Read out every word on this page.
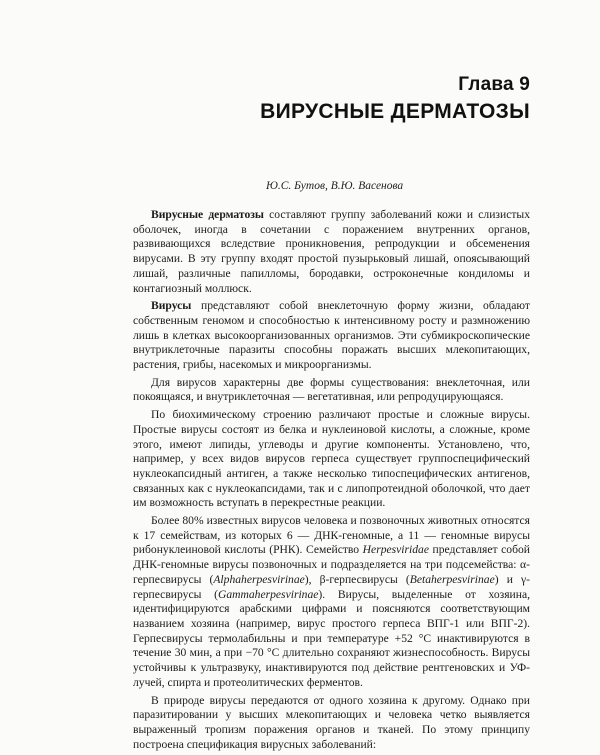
Глава 9
ВИРУСНЫЕ ДЕРМАТОЗЫ
Ю.С. Бутов, В.Ю. Васенова

Вирусные дерматозы составляют группу заболеваний кожи и слизистых оболочек, иногда в сочетании с поражением внутренних органов, развивающихся вследствие проникновения, репродукции и обсеменения вирусами. В эту группу входят простой пузырьковый лишай, опоясывающий лишай, различные папилломы, бородавки, остроконечные кондиломы и контагиозный моллюск.

Вирусы представляют собой внеклеточную форму жизни, обладают собственным геномом и способностью к интенсивному росту и размножению лишь в клетках высокоорганизованных организмов. Эти субмикроскопические внутриклеточные паразиты способны поражать высших млекопитающих, растения, грибы, насекомых и микроорганизмы.

Для вирусов характерны две формы существования: внеклеточная, или покоящаяся, и внутриклеточная — вегетативная, или репродуцирующаяся.

По биохимическому строению различают простые и сложные вирусы. Простые вирусы состоят из белка и нуклеиновой кислоты, а сложные, кроме этого, имеют липиды, углеводы и другие компоненты. Установлено, что, например, у всех видов вирусов герпеса существует группоспецифический нуклеокапсидный антиген, а также несколько типоспецифических антигенов, связанных как с нуклеокапсидами, так и с липопротеидной оболочкой, что дает им возможность вступать в перекрестные реакции.

Более 80% известных вирусов человека и позвоночных животных относятся к 17 семействам, из которых 6 — ДНК-геномные, а 11 — геномные вирусы рибонуклеиновой кислоты (РНК). Семейство Herpesviridae представляет собой ДНК-геномные вирусы позвоночных и подразделяется на три подсемейства: α-герпесвирусы (Alphaherpesvirinae), β-герпесвирусы (Betaherpesvirinae) и γ-герпесвирусы (Gammaherpesvirinae). Вирусы, выделенные от хозяина, идентифицируются арабскими цифрами и поясняются соответствующим названием хозяина (например, вирус простого герпеса ВПГ-1 или ВПГ-2). Герпесвирусы термолабильны и при температуре +52 °С инактивируются в течение 30 мин, а при −70 °С длительно сохраняют жизнеспособность. Вирусы устойчивы к ультразвуку, инактивируются под действие рентгеновских и УФ-лучей, спирта и протеолитических ферментов.

В природе вирусы передаются от одного хозяина к другому. Однако при паразитировании у высших млекопитающих и человека четко выявляется выраженный тропизм поражения органов и тканей. По этому принципу построена спецификация вирусных заболеваний:
